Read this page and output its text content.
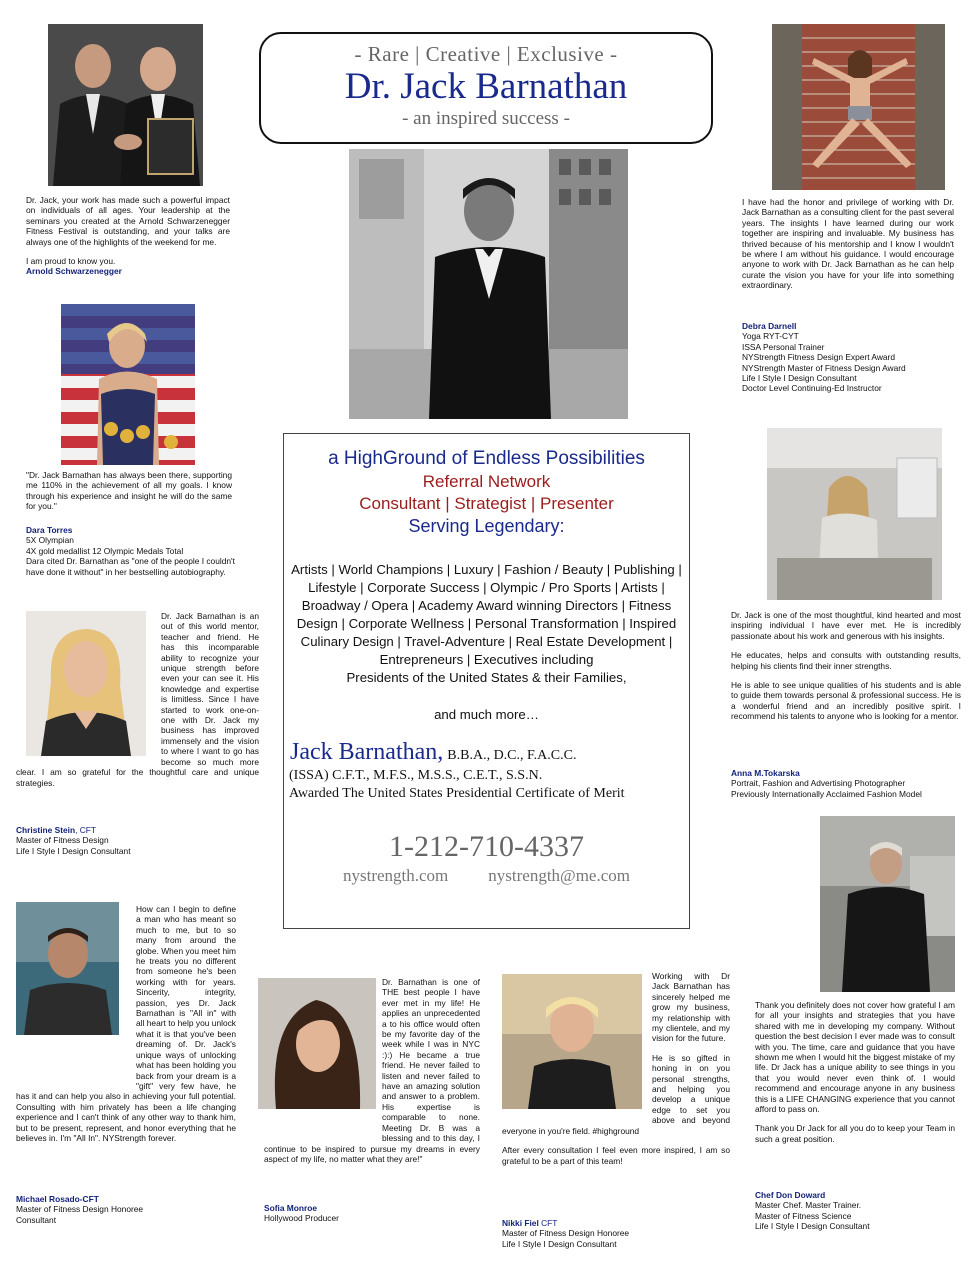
- Rare | Creative | Exclusive -
Dr. Jack Barnathan
- an inspired success -

Dr. Jack, your work has made such a powerful impact on individuals of all ages. Your leadership at the seminars you created at the Arnold Schwarzenegger Fitness Festival is outstanding, and your talks are always one of the highlights of the weekend for me.

I am proud to know you.

Arnold Schwarzenegger

"Dr. Jack Barnathan has always been there, supporting me 110% in the achievement of all my goals. I know through his experience and insight he will do the same for you."

Dara Torres
5X Olympian
4X gold medallist 12 Olympic Medals Total
Dara cited Dr. Barnathan as "one of the people I couldn't have done it without" in her bestselling autobiography.
Dr. Jack Barnathan is an out of this world mentor, teacher and friend. He has this incomparable ability to recognize your unique strength before even your can see it. His knowledge and expertise is limitless. Since I have started to work one-on-one with Dr. Jack my business has improved immensely and the vision to where I want to go has become so much more clear. I am so grateful for the thoughtful care and unique strategies.
Christine Stein, CFT
Master of Fitness Design
Life I Style I Design Consultant
How can I begin to define a man who has meant so much to me, but to so many from around the globe. When you meet him he treats you no different from someone he's been working with for years. Sincerity, integrity, passion, yes Dr. Jack Barnathan is "All in" with all heart to help you unlock what it is that you've been dreaming of. Dr. Jack's unique ways of unlocking what has been holding you back from your dream is a "gift" very few have, he has it and can help you also in achieving your full potential. Consulting with him privately has been a life changing experience and I can't think of any other way to thank him, but to be present, represent, and honor everything that he believes in. I'm "All In". NYStrength forever.
Michael Rosado-CFT
Master of Fitness Design Honoree
Consultant
Dr. Barnathan is one of THE best people I have ever met in my life! He applies an unprecedented a to his office would often be my favorite day of the week while I was in NYC :):) He became a true friend. He never failed to listen and never failed to have an amazing solution and answer to a problem. His expertise is comparable to none. Meeting Dr. B was a blessing and to this day, I continue to be inspired to pursue my dreams in every aspect of my life, no matter what they are!"
Sofia Monroe
Hollywood Producer

Working with Dr Jack Barnathan has sincerely helped me grow my business, my relationship with my clientele, and my vision for the future.

He is so gifted in honing in on you personal strengths, and helping you develop a unique edge to set you above and beyond everyone in you're field. #highground

After every consultation I feel even more inspired, I am so grateful to be a part of this team!

Nikki Fiel CFT
Master of Fitness Design Honoree
Life I Style I Design Consultant

I have had the honor and privilege of working with Dr. Jack Barnathan as a consulting client for the past several years. The insights I have learned during our work together are inspiring and invaluable. My business has thrived because of his mentorship and I know I wouldn't be where I am without his guidance. I would encourage anyone to work with Dr. Jack Barnathan as he can help curate the vision you have for your life into something extraordinary.

Debra Darnell
Yoga RYT-CYT
ISSA Personal Trainer
NYStrength Fitness Design Expert Award
NYStrength Master of Fitness Design Award
Life I Style I Design Consultant
Doctor Level Continuing-Ed Instructor

Dr. Jack is one of the most thoughtful, kind hearted and most inspiring individual I have ever met. He is incredibly passionate about his work and generous with his insights.

He educates, helps and consults with outstanding results, helping his clients find their inner strengths.

He is able to see unique qualities of his students and is able to guide them towards personal & professional success. He is a wonderful friend and an incredibly positive spirit. I recommend his talents to anyone who is looking for a mentor.

Anna M.Tokarska
Portrait, Fashion and Advertising Photographer
Previously Internationally Acclaimed Fashion Model

Thank you definitely does not cover how grateful I am for all your insights and strategies that you have shared with me in developing my company. Without question the best decision I ever made was to consult with you. The time, care and guidance that you have shown me when I would hit the biggest mistake of my life. Dr Jack has a unique ability to see things in you that you would never even think of. I would recommend and encourage anyone in any business this is a LIFE CHANGING experience that you cannot afford to pass on.

Thank you Dr Jack for all you do to keep your Team in such a great position.

Chef Don Doward
Master Chef. Master Trainer.
Master of Fitness Science
Life I Style I Design Consultant
a HighGround of Endless Possibilities
Referral Network
Consultant | Strategist | Presenter
Serving Legendary:
Artists | World Champions | Luxury | Fashion / Beauty | Publishing | Lifestyle | Corporate Success | Olympic / Pro Sports | Artists | Broadway / Opera | Academy Award winning Directors | Fitness Design | Corporate Wellness | Personal Transformation | Inspired Culinary Design | Travel-Adventure | Real Estate Development | Entrepreneurs | Executives including
Presidents of the United States & their Families,
and much more…
Jack Barnathan, B.B.A., D.C., F.A.C.C.
(ISSA) C.F.T., M.F.S., M.S.S., C.E.T., S.S.N.
Awarded The United States Presidential Certificate of Merit
1-212-710-4337
nystrength.com nystrength@me.com
